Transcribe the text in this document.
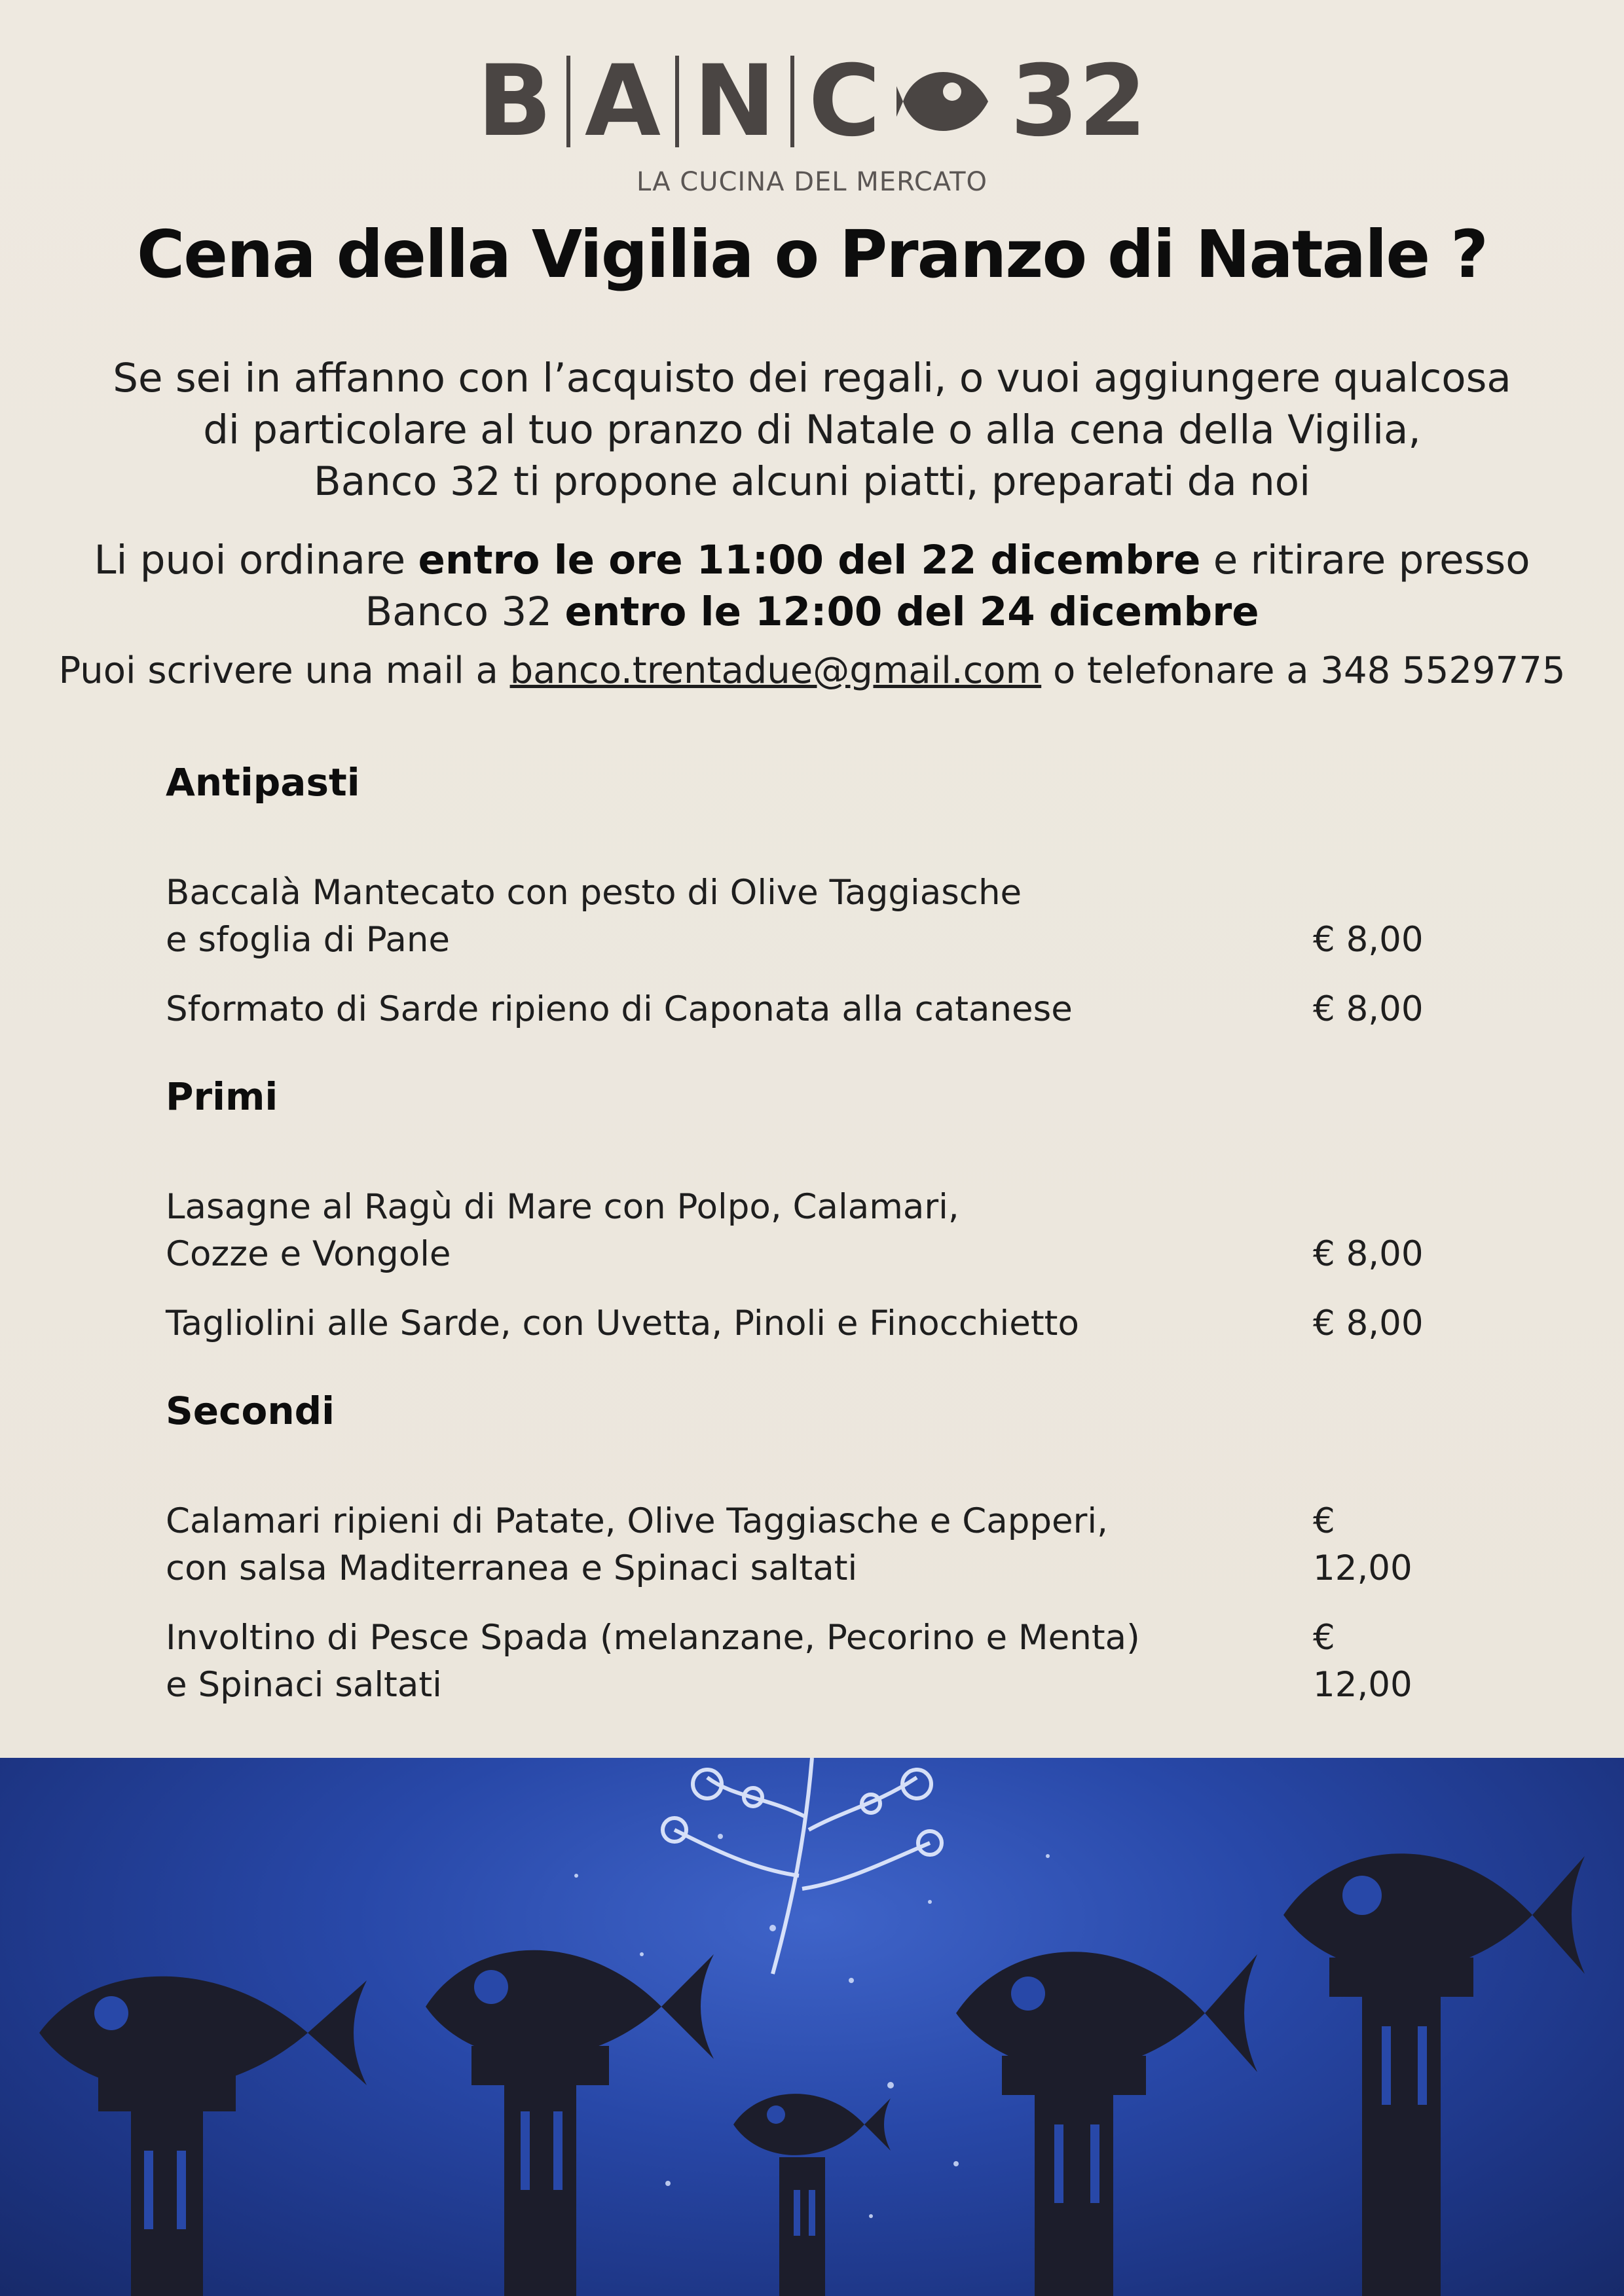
B A N C 32
LA CUCINA DEL MERCATO
Cena della Vigilia o Pranzo di Natale ?
Se sei in affanno con l’acquisto dei regali, o vuoi aggiungere qualcosa
di particolare al tuo pranzo di Natale o alla cena della Vigilia,
Banco 32 ti propone alcuni piatti, preparati da noi
Li puoi ordinare entro le ore 11:00 del 22 dicembre e ritirare presso
Banco 32 entro le 12:00 del 24 dicembre
Puoi scrivere una mail a banco.trentadue@gmail.com o telefonare a 348 5529775
Antipasti
Baccalà Mantecato con pesto di Olive Taggiasche
e sfoglia di Pane	€ 8,00
Sformato di Sarde ripieno di Caponata alla catanese	€ 8,00
Primi
Lasagne al Ragù di Mare con Polpo, Calamari,
Cozze e Vongole	€ 8,00
Tagliolini alle Sarde, con Uvetta, Pinoli e Finocchietto	€ 8,00
Secondi
Calamari ripieni di Patate, Olive Taggiasche e Capperi,
con salsa Maditerranea e Spinaci saltati
€ 12,00
Involtino di Pesce Spada (melanzane, Pecorino e Menta)
e Spinaci saltati
€ 12,00
